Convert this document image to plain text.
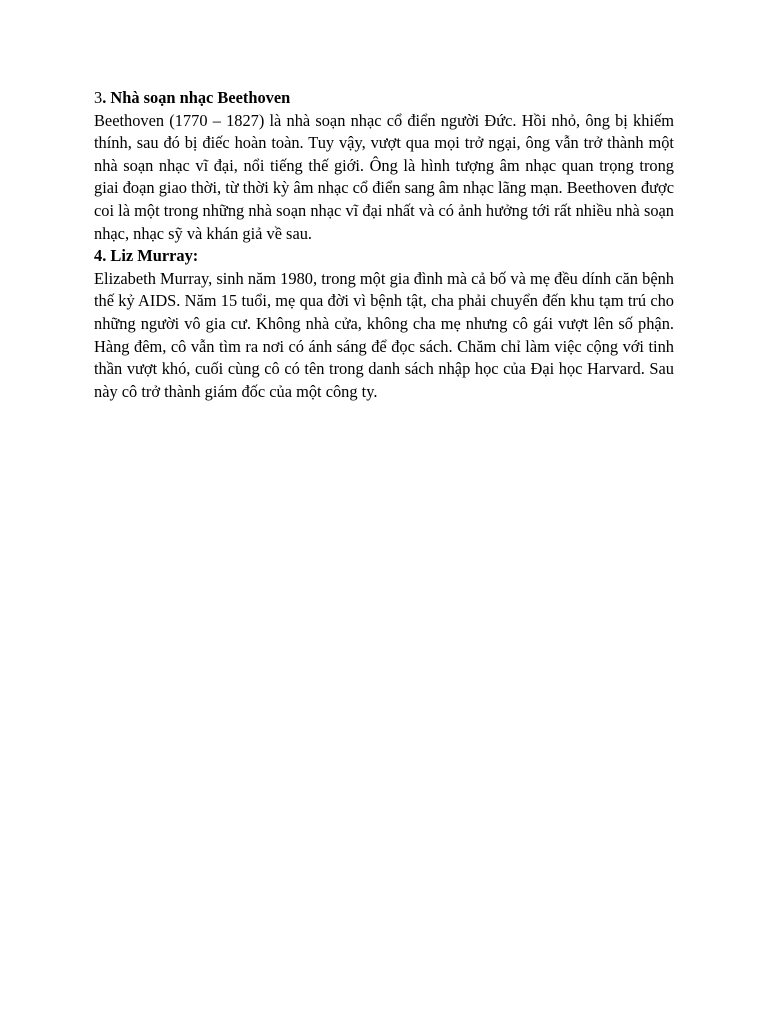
3. Nhà soạn nhạc Beethoven

Beethoven (1770 – 1827) là nhà soạn nhạc cổ điển người Đức. Hồi nhỏ, ông bị khiếm thính, sau đó bị điếc hoàn toàn. Tuy vậy, vượt qua mọi trở ngại, ông vẫn trở thành một nhà soạn nhạc vĩ đại, nổi tiếng thế giới. Ông là hình tượng âm nhạc quan trọng trong giai đoạn giao thời, từ thời kỳ âm nhạc cổ điển sang âm nhạc lãng mạn. Beethoven được coi là một trong những nhà soạn nhạc vĩ đại nhất và có ảnh hưởng tới rất nhiều nhà soạn nhạc, nhạc sỹ và khán giả về sau.

4. Liz Murray:

Elizabeth Murray, sinh năm 1980, trong một gia đình mà cả bố và mẹ đều dính căn bệnh thế kỷ AIDS. Năm 15 tuổi, mẹ qua đời vì bệnh tật, cha phải chuyển đến khu tạm trú cho những người vô gia cư. Không nhà cửa, không cha mẹ nhưng cô gái vượt lên số phận. Hàng đêm, cô vẫn tìm ra nơi có ánh sáng để đọc sách. Chăm chỉ làm việc cộng với tinh thần vượt khó, cuối cùng cô có tên trong danh sách nhập học của Đại học Harvard. Sau này cô trở thành giám đốc của một công ty.
